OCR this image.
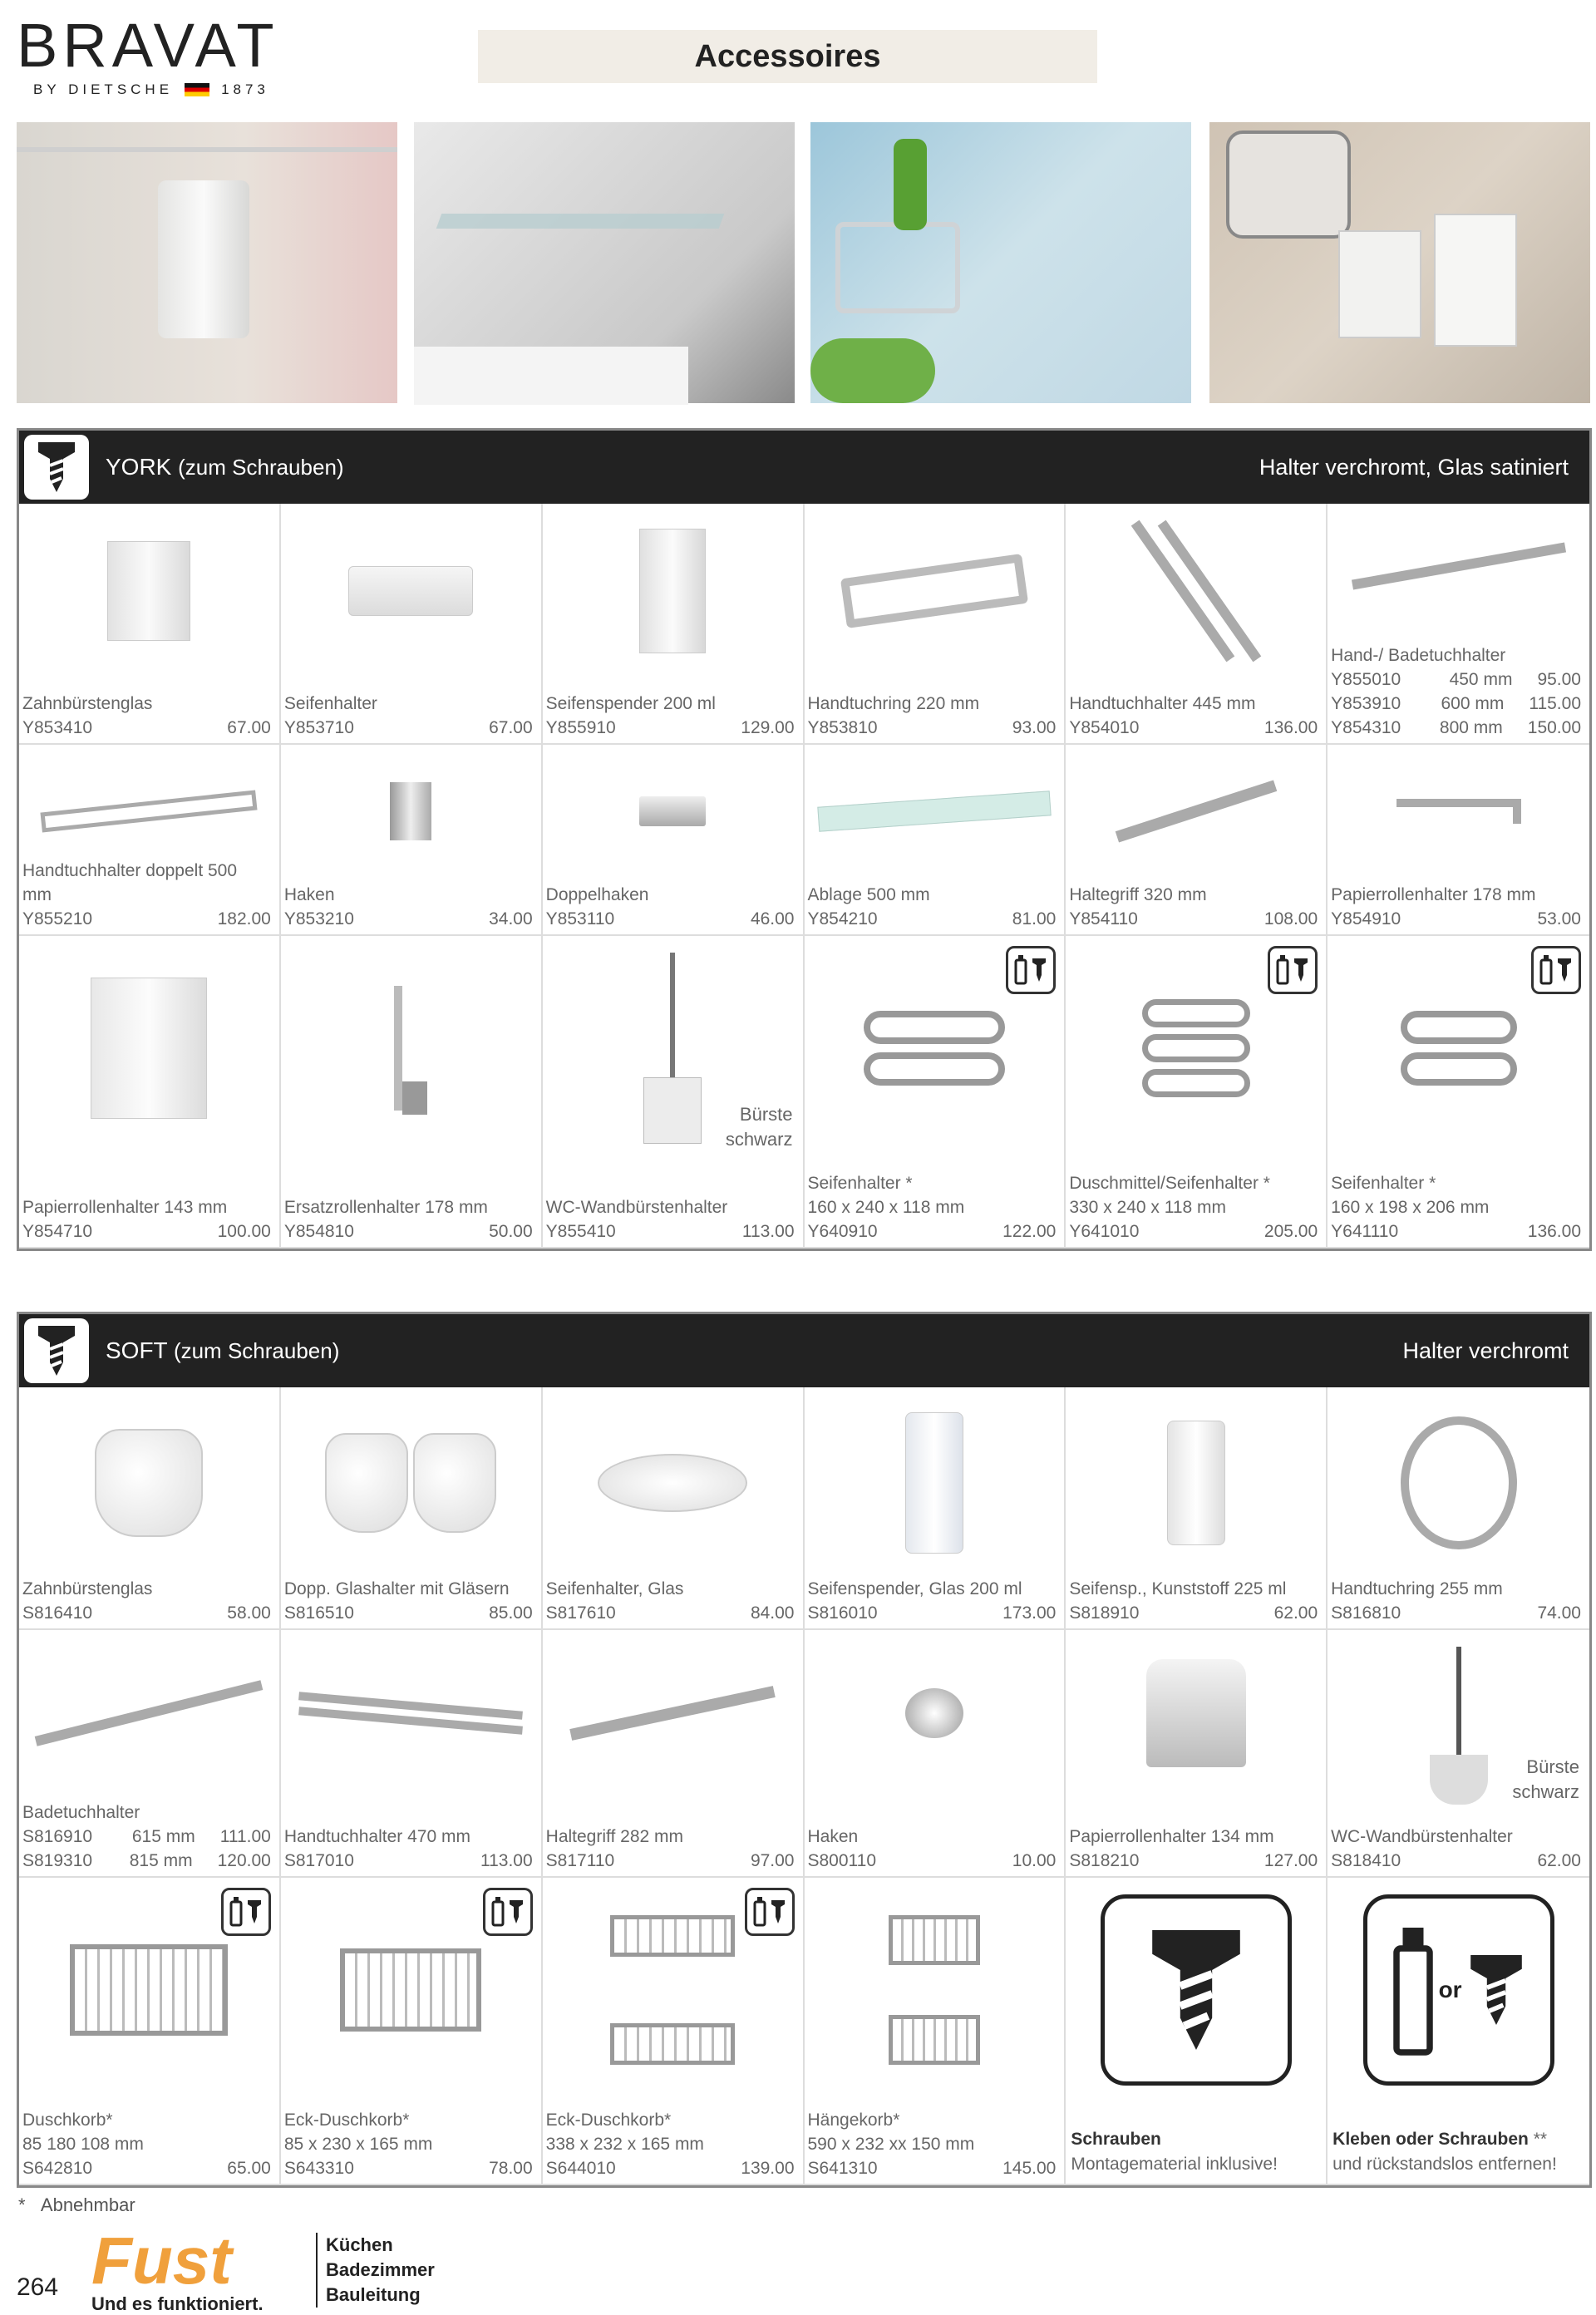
BRAVAT
BY DIETSCHE	1873
Accessoires
YORK (zum Schrauben)	Halter verchromt, Glas satiniert
Zahnbürstenglas
Y853410	67.00
Seifenhalter
Y853710	67.00
Seifenspender 200 ml
Y855910	129.00
Handtuchring 220 mm
Y853810	93.00
Handtuchhalter 445 mm
Y854010	136.00
Hand-/ Badetuchhalter
Y855010	450 mm	95.00
Y853910	600 mm	115.00
Y854310	800 mm	150.00
Handtuchhalter doppelt 500 mm
Y855210	182.00
Haken
Y853210	34.00
Doppelhaken
Y853110	46.00
Ablage 500 mm
Y854210	81.00
Haltegriff 320 mm
Y854110	108.00
Papierrollenhalter 178 mm
Y854910	53.00
Papierrollenhalter 143 mm
Y854710	100.00
Ersatzrollenhalter 178 mm
Y854810	50.00
Bürste
schwarz
WC-Wandbürstenhalter
Y855410	113.00
Seifenhalter *
160 x 240 x 118 mm
Y640910	122.00
Duschmittel/Seifenhalter *
330 x 240 x 118 mm
Y641010	205.00
Seifenhalter *
160 x 198 x 206 mm
Y641110	136.00
SOFT (zum Schrauben)	Halter verchromt
Zahnbürstenglas
S816410	58.00
Dopp. Glashalter mit Gläsern
S816510	85.00
Seifenhalter, Glas
S817610	84.00
Seifenspender, Glas 200 ml
S816010	173.00
Seifensp., Kunststoff 225 ml
S818910	62.00
Handtuchring 255 mm
S816810	74.00
Badetuchhalter
S816910	615 mm	111.00
S819310	815 mm	120.00
Handtuchhalter 470 mm
S817010	113.00
Haltegriff 282 mm
S817110	97.00
Haken
S800110	10.00
Papierrollenhalter 134 mm
S818210	127.00
Bürste
schwarz
WC-Wandbürstenhalter
S818410	62.00
Duschkorb*
85 180 108 mm
S642810	65.00
Eck-Duschkorb*
85 x 230 x 165 mm
S643310	78.00
Eck-Duschkorb*
338 x 232 x 165 mm
S644010	139.00
Hängekorb*
590 x 232 xx 150 mm
S641310	145.00
Schrauben
Montagematerial inklusive!
or
Kleben oder Schrauben **
und rückstandslos entfernen!
* Abnehmbar
264 Fust
Und es funktioniert.
Küchen
Badezimmer
Bauleitung
